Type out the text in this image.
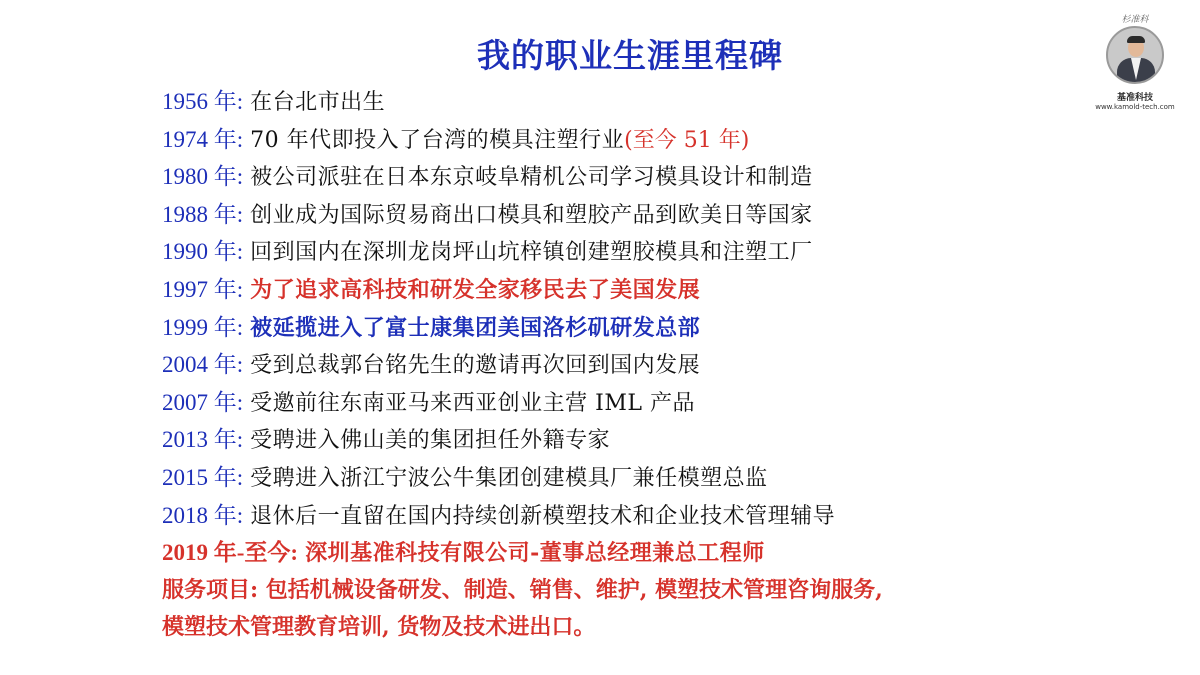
我的职业生涯里程碑
杉准科
基准科技
www.kamold-tech.com
1956 年: 在台北市出生
1974 年: 70 年代即投入了台湾的模具注塑行业(至今 51 年)
1980 年: 被公司派驻在日本东京岐阜精机公司学习模具设计和制造
1988 年: 创业成为国际贸易商出口模具和塑胶产品到欧美日等国家
1990 年: 回到国内在深圳龙岗坪山坑梓镇创建塑胶模具和注塑工厂
1997 年: 为了追求高科技和研发全家移民去了美国发展
1999 年: 被延揽进入了富士康集团美国洛杉矶研发总部
2004 年: 受到总裁郭台铭先生的邀请再次回到国内发展
2007 年: 受邀前往东南亚马来西亚创业主营 IML 产品
2013 年: 受聘进入佛山美的集团担任外籍专家
2015 年: 受聘进入浙江宁波公牛集团创建模具厂兼任模塑总监
2018 年: 退休后一直留在国内持续创新模塑技术和企业技术管理辅导
2019 年-至今: 深圳基准科技有限公司-董事总经理兼总工程师
服务项目: 包括机械设备研发、制造、销售、维护, 模塑技术管理咨询服务,
模塑技术管理教育培训, 货物及技术进出口。
